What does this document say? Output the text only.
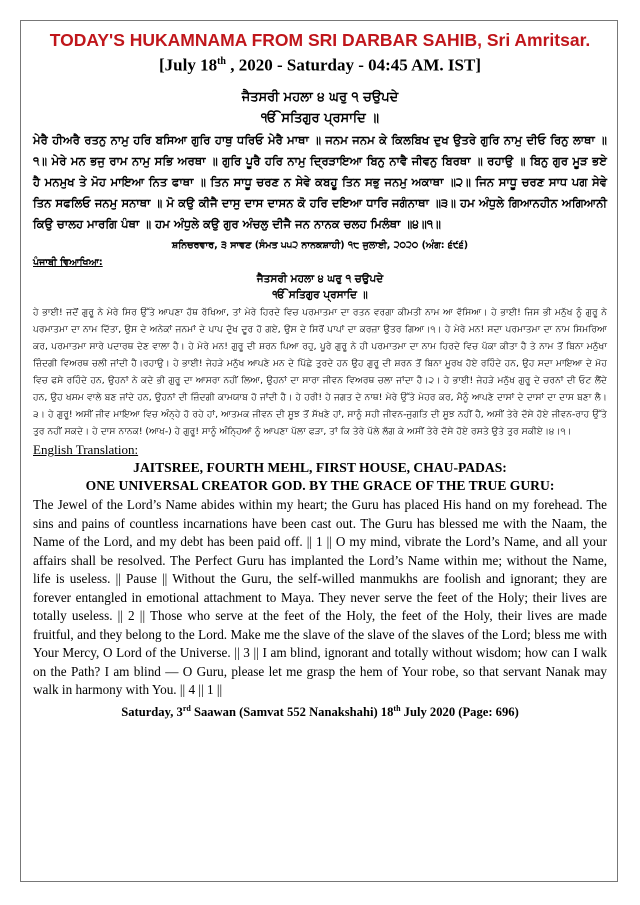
TODAY'S HUKAMNAMA FROM SRI DARBAR SAHIB, Sri Amritsar.
[July 18th , 2020 - Saturday - 04:45 AM. IST]
ਜੈਤਸਰੀ ਮਹਲਾ ੪ ਘਰੁ ੧ ਚਉਪਦੇ
ੴ ਸਤਿਗੁਰ ਪ੍ਰਸਾਦਿ ॥
ਮੇਰੈ ਹੀਅਰੈ ਰਤਨੁ ਨਾਮੁ ਹਰਿ ਬਸਿਆ ਗੁਰਿ ਹਾਥੁ ਧਰਿਓ ਮੇਰੈ ਮਾਥਾ ॥ ਜਨਮ ਜਨਮ ਕੇ ਕਿਲਬਿਖ ਦੁਖ ਉਤਰੇ ਗੁਰਿ ਨਾਮੁ ਦੀਓ ਰਿਨੁ ਲਾਥਾ ॥੧॥ ਮੇਰੇ ਮਨ ਭਜੁ ਰਾਮ ਨਾਮੁ ਸਭਿ ਅਰਥਾ ॥ ਗੁਰਿ ਪੂਰੈ ਹਰਿ ਨਾਮੁ ਦ੍ਰਿੜਾਇਆ ਬਿਨੁ ਨਾਵੈ ਜੀਵਨੁ ਬਿਰਥਾ ॥ ਰਹਾਉ ॥ ਬਿਨੁ ਗੁਰ ਮੂੜ ਭਏ ਹੈ ਮਨਮੁਖ ਤੇ ਮੋਹ ਮਾਇਆ ਨਿਤ ਫਾਥਾ ॥ ਤਿਨ ਸਾਧੂ ਚਰਣ ਨ ਸੇਵੇ ਕਬਹੂ ਤਿਨ ਸਭੁ ਜਨਮੁ ਅਕਾਥਾ ॥੨॥ ਜਿਨ ਸਾਧੂ ਚਰਣ ਸਾਧ ਪਗ ਸੇਵੇ ਤਿਨ ਸਫਲਿਓ ਜਨਮੁ ਸਨਾਥਾ ॥ ਮੋ ਕਉ ਕੀਜੈ ਦਾਸੁ ਦਾਸ ਦਾਸਨ ਕੋ ਹਰਿ ਦਇਆ ਧਾਰਿ ਜਗੰਨਾਥਾ ॥੩॥ ਹਮ ਅੰਧੁਲੇ ਗਿਆਨਹੀਨ ਅਗਿਆਨੀ ਕਿਉ ਚਾਲਹ ਮਾਰਗਿ ਪੰਥਾ ॥ ਹਮ ਅੰਧੁਲੇ ਕਉ ਗੁਰ ਅੰਚਲੁ ਦੀਜੈ ਜਨ ਨਾਨਕ ਚਲਹ ਮਿਲੰਥਾ ॥੪॥੧॥
ਸ਼ਨਿਚਰਵਾਰ, ੩ ਸਾਵਣ (ਸੰਮਤ ੫੫੨ ਨਾਨਕਸ਼ਾਹੀ) ੧੮ ਜੁਲਾਈ, ੨੦੨੦ (ਅੰਗ: ੬੯੬)
ਪੰਜਾਬੀ ਵਿਆਖਿਆ:
ਜੈਤਸਰੀ ਮਹਲਾ ੪ ਘਰੁ ੧ ਚਉਪਦੇ
ੴ ਸਤਿਗੁਰ ਪ੍ਰਸਾਦਿ ॥
ਹੇ ਭਾਈ! ਜਦੋਂ ਗੁਰੂ ਨੇ ਮੇਰੇ ਸਿਰ ਉੱਤੇ ਆਪਣਾ ਹੱਥ ਰੱਖਿਆ, ਤਾਂ ਮੇਰੇ ਹਿਰਦੇ ਵਿਚ ਪਰਮਾਤਮਾ ਦਾ ਰਤਨ ਵਰਗਾ ਕੀਮਤੀ ਨਾਮ ਆ ਵੱਸਿਆ। ਹੇ ਭਾਈ! ਜਿਸ ਭੀ ਮਨੁੱਖ ਨੂੰ ਗੁਰੂ ਨੇ ਪਰਮਾਤਮਾ ਦਾ ਨਾਮ ਦਿੱਤਾ, ਉਸ ਦੇ ਅਨੇਕਾਂ ਜਨਮਾਂ ਦੇ ਪਾਪ ਦੁੱਖ ਦੂਰ ਹੋ ਗਏ, ਉਸ ਦੇ ਸਿਰੋਂ ਪਾਪਾਂ ਦਾ ਕਰਜ਼ਾ ਉਤਰ ਗਿਆ।੧। ਹੇ ਮੇਰੇ ਮਨ! ਸਦਾ ਪਰਮਾਤਮਾ ਦਾ ਨਾਮ ਸਿਮਰਿਆ ਕਰ, ਪਰਮਾਤਮਾ ਸਾਰੇ ਪਦਾਰਥ ਦੇਣ ਵਾਲਾ ਹੈ। ਹੇ ਮੇਰੇ ਮਨ! ਗੁਰੂ ਦੀ ਸ਼ਰਨ ਪਿਆ ਰਹੁ, ਪੂਰੇ ਗੁਰੂ ਨੇ ਹੀ ਪਰਮਾਤਮਾ ਦਾ ਨਾਮ ਹਿਰਦੇ ਵਿਚ ਪੱਕਾ ਕੀਤਾ ਹੈ ਤੇ ਨਾਮ ਤੋਂ ਬਿਨਾ ਮਨੁੱਖਾ ਜ਼ਿੰਦਗੀ ਵਿਅਰਥ ਚਲੀ ਜਾਂਦੀ ਹੈ।ਰਹਾਉ। ਹੇ ਭਾਈ! ਜੇਹੜੇ ਮਨੁੱਖ ਆਪਣੇ ਮਨ ਦੇ ਪਿੱਛੇ ਤੁਰਦੇ ਹਨ ਉਹ ਗੁਰੂ ਦੀ ਸ਼ਰਨ ਤੋਂ ਬਿਨਾ ਮੂਰਖ ਹੋਏ ਰਹਿੰਦੇ ਹਨ, ਉਹ ਸਦਾ ਮਾਇਆ ਦੇ ਮੋਹ ਵਿਚ ਫਸੇ ਰਹਿੰਦੇ ਹਨ, ਉਹਨਾਂ ਨੇ ਕਦੇ ਭੀ ਗੁਰੂ ਦਾ ਆਸਰਾ ਨਹੀਂ ਲਿਆ, ਉਹਨਾਂ ਦਾ ਸਾਰਾ ਜੀਵਨ ਵਿਅਰਥ ਚਲਾ ਜਾਂਦਾ ਹੈ।੨। ਹੇ ਭਾਈ! ਜੇਹੜੇ ਮਨੁੱਖ ਗੁਰੂ ਦੇ ਚਰਨਾਂ ਦੀ ਓਟ ਲੈਂਦੇ ਹਨ, ਉਹ ਖਸਮ ਵਾਲੇ ਬਣ ਜਾਂਦੇ ਹਨ, ਉਹਨਾਂ ਦੀ ਜ਼ਿੰਦਗੀ ਕਾਮਯਾਬ ਹੋ ਜਾਂਦੀ ਹੈ। ਹੇ ਹਰੀ! ਹੇ ਜਗਤ ਦੇ ਨਾਥ! ਮੇਰੇ ਉੱਤੇ ਮੇਹਰ ਕਰ, ਮੈਨੂੰ ਆਪਣੇ ਦਾਸਾਂ ਦੇ ਦਾਸਾਂ ਦਾ ਦਾਸ ਬਣਾ ਲੈ।੩। ਹੇ ਗੁਰੂ! ਅਸੀਂ ਜੀਵ ਮਾਇਆ ਵਿਚ ਅੰਨ੍ਹੇ ਹੋ ਰਹੇ ਹਾਂ, ਆਤਮਕ ਜੀਵਨ ਦੀ ਸੂਝ ਤੋਂ ਸੱਖਣੇ ਹਾਂ, ਸਾਨੂੰ ਸਹੀ ਜੀਵਨ-ਜੁਗਤਿ ਦੀ ਸੂਝ ਨਹੀਂ ਹੈ, ਅਸੀਂ ਤੇਰੇ ਦੱਸੇ ਹੋਏ ਜੀਵਨ-ਰਾਹ ਉੱਤੇ ਤੁਰ ਨਹੀਂ ਸਕਦੇ। ਹੇ ਦਾਸ ਨਾਨਕ! (ਆਖ-) ਹੇ ਗੁਰੂ! ਸਾਨੂੰ ਅੰਨ੍ਹਿਆਂ ਨੂੰ ਆਪਣਾ ਪੱਲਾ ਫੜਾ, ਤਾਂ ਕਿ ਤੇਰੇ ਪੱਲੇ ਲੱਗ ਕੇ ਅਸੀਂ ਤੇਰੇ ਦੱਸੇ ਹੋਏ ਰਸਤੇ ਉਤੇ ਤੁਰ ਸਕੀਏ।੪।੧।
English Translation:
JAITSREE, FOURTH MEHL, FIRST HOUSE, CHAU-PADAS:
ONE UNIVERSAL CREATOR GOD. BY THE GRACE OF THE TRUE GURU:
The Jewel of the Lord’s Name abides within my heart; the Guru has placed His hand on my forehead. The sins and pains of countless incarnations have been cast out. The Guru has blessed me with the Naam, the Name of the Lord, and my debt has been paid off. || 1 || O my mind, vibrate the Lord’s Name, and all your affairs shall be resolved. The Perfect Guru has implanted the Lord’s Name within me; without the Name, life is useless. || Pause || Without the Guru, the self-willed manmukhs are foolish and ignorant; they are forever entangled in emotional attachment to Maya. They never serve the feet of the Holy; their lives are totally useless. || 2 || Those who serve at the feet of the Holy, the feet of the Holy, their lives are made fruitful, and they belong to the Lord. Make me the slave of the slave of the slaves of the Lord; bless me with Your Mercy, O Lord of the Universe. || 3 || I am blind, ignorant and totally without wisdom; how can I walk on the Path? I am blind — O Guru, please let me grasp the hem of Your robe, so that servant Nanak may walk in harmony with You. || 4 || 1 ||
Saturday, 3rd Saawan (Samvat 552 Nanakshahi) 18th July 2020 (Page: 696)
